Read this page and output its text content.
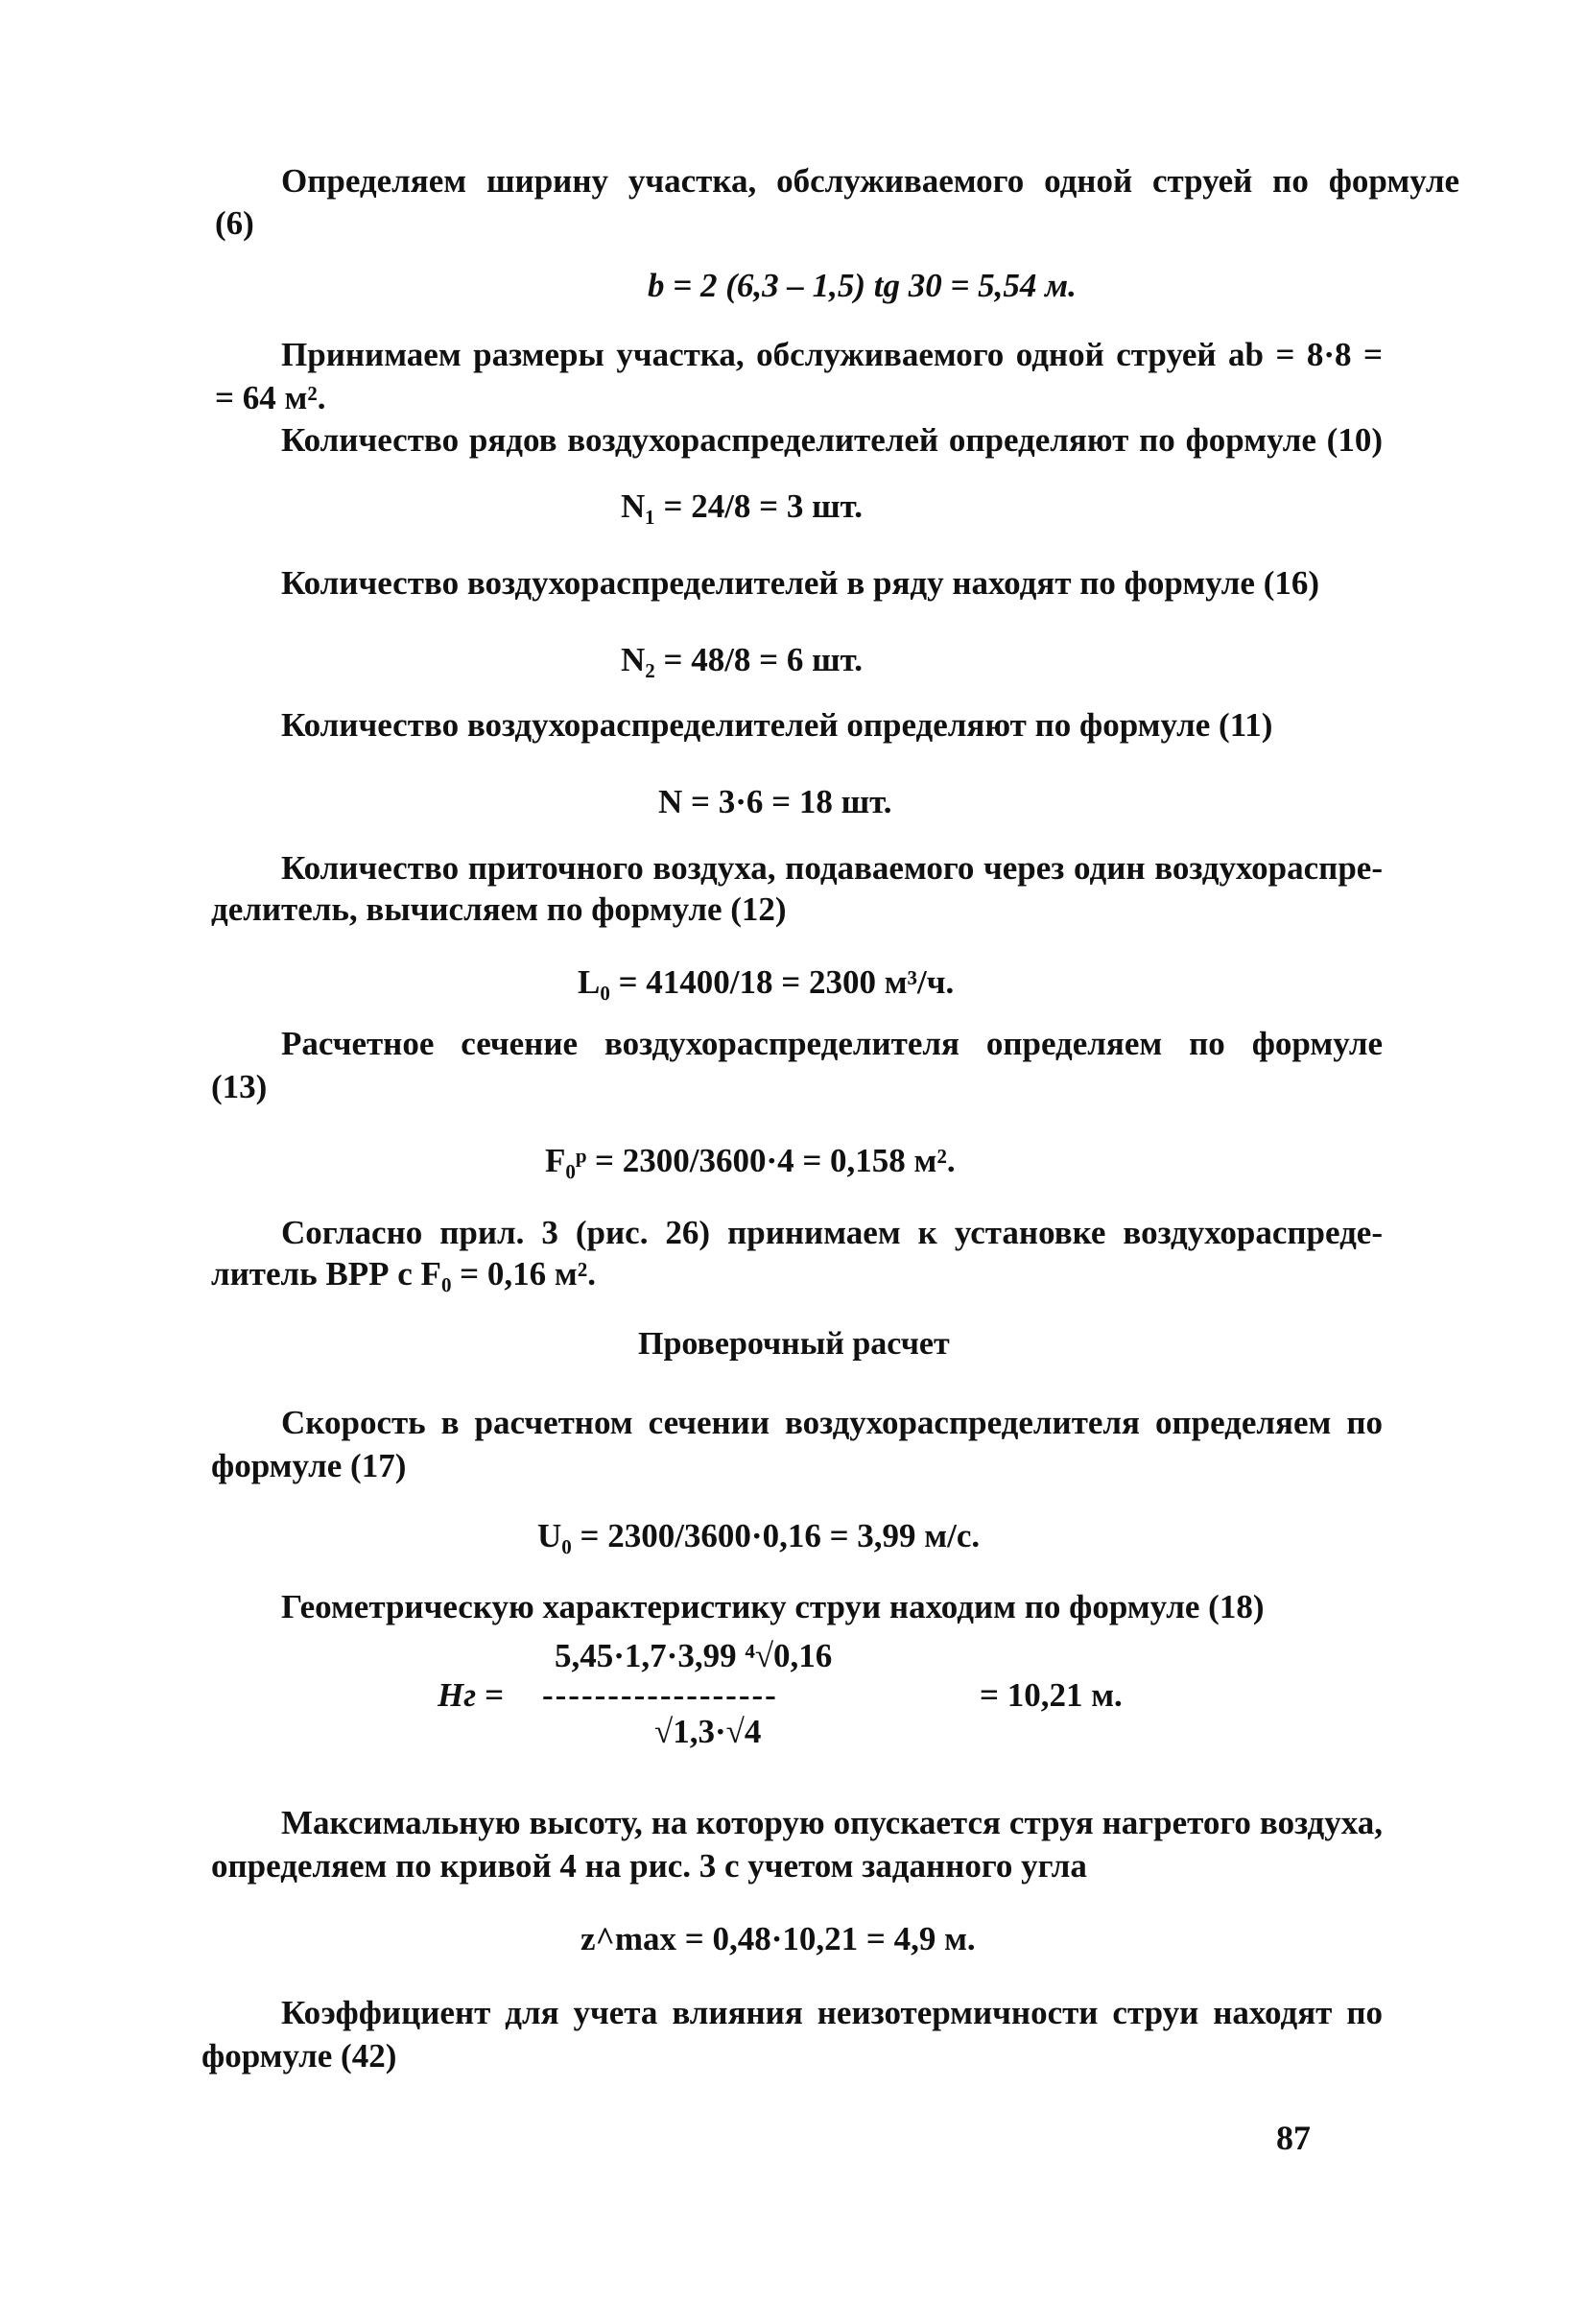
Определяем ширину участка, обслуживаемого одной струей по формуле
(6)
b = 2 (6,3 – 1,5) tg 30 = 5,54 м.
Принимаем размеры участка, обслуживаемого одной струей ab = 8·8 =
= 64 м².
Количество рядов воздухораспределителей определяют по формуле (10)
N₁ = 24/8 = 3 шт.
Количество воздухораспределителей в ряду находят по формуле (16)
N₂ = 48/8 = 6 шт.
Количество воздухораспределителей определяют по формуле (11)
N = 3·6 = 18 шт.
Количество приточного воздуха, подаваемого через один воздухораспре-
делитель, вычисляем по формуле (12)
L₀ = 41400/18 = 2300 м³/ч.
Расчетное сечение воздухораспределителя определяем по формуле
(13)
F₀ᵖ = 2300/3600·4 = 0,158 м².
Согласно прил. 3 (рис. 26) принимаем к установке воздухораспреде-
литель ВРР с F₀ = 0,16 м².
Проверочный расчет
Скорость в расчетном сечении воздухораспределителя определяем по
формуле (17)
U₀ = 2300/3600·0,16 = 3,99 м/с.
Геометрическую характеристику струи находим по формуле (18)
5,45·1,7·3,99 ⁴√0,16
Hг = ------------------	= 10,21 м.
√1,3·√4
Максимальную высоту, на которую опускается струя нагретого воздуха,
определяем по кривой 4 на рис. 3 с учетом заданного угла
z^max = 0,48·10,21 = 4,9 м.
Коэффициент для учета влияния неизотермичности струи находят по
формуле (42)
87
